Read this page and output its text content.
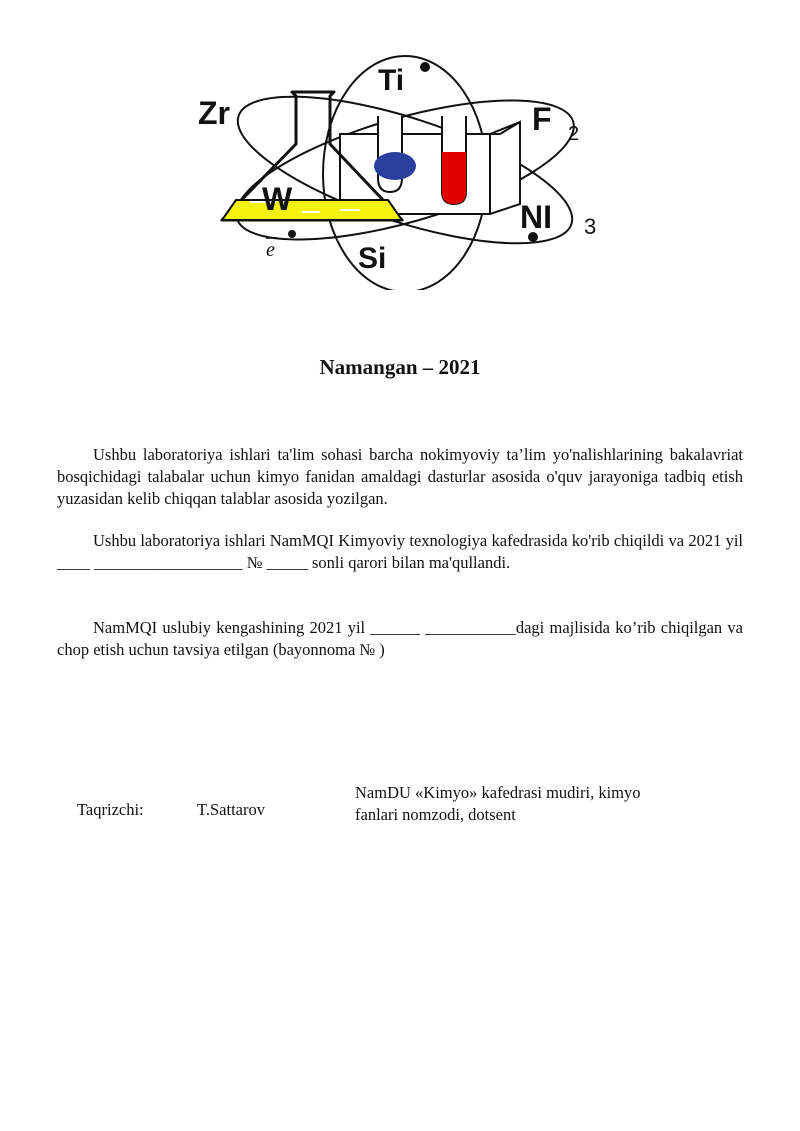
Ti
Zr	F 2
W	NI 3
Si
e
Namangan – 2021
Ushbu laboratoriya ishlari ta'lim sohasi barcha nokimyoviy ta’lim yo'nalishlarining bakalavriat bosqichidagi talabalar uchun kimyo fanidan amaldagi dasturlar asosida o'quv jarayoniga tadbiq etish yuzasidan kelib chiqqan talablar asosida yozilgan.
Ushbu laboratoriya ishlari NamMQI Kimyoviy texnologiya kafedrasida ko'rib chiqildi va 2021 yil ____ __________________ № _____ sonli qarori bilan ma'qullandi.
NamMQI uslubiy kengashining 2021 yil ______ ___________dagi majlisida ko’rib chiqilgan va chop etish uchun tavsiya etilgan (bayonnoma № )
Taqrizchi:	T.Sattarov
NamDU «Kimyo» kafedrasi mudiri, kimyo
fanlari nomzodi, dotsent
